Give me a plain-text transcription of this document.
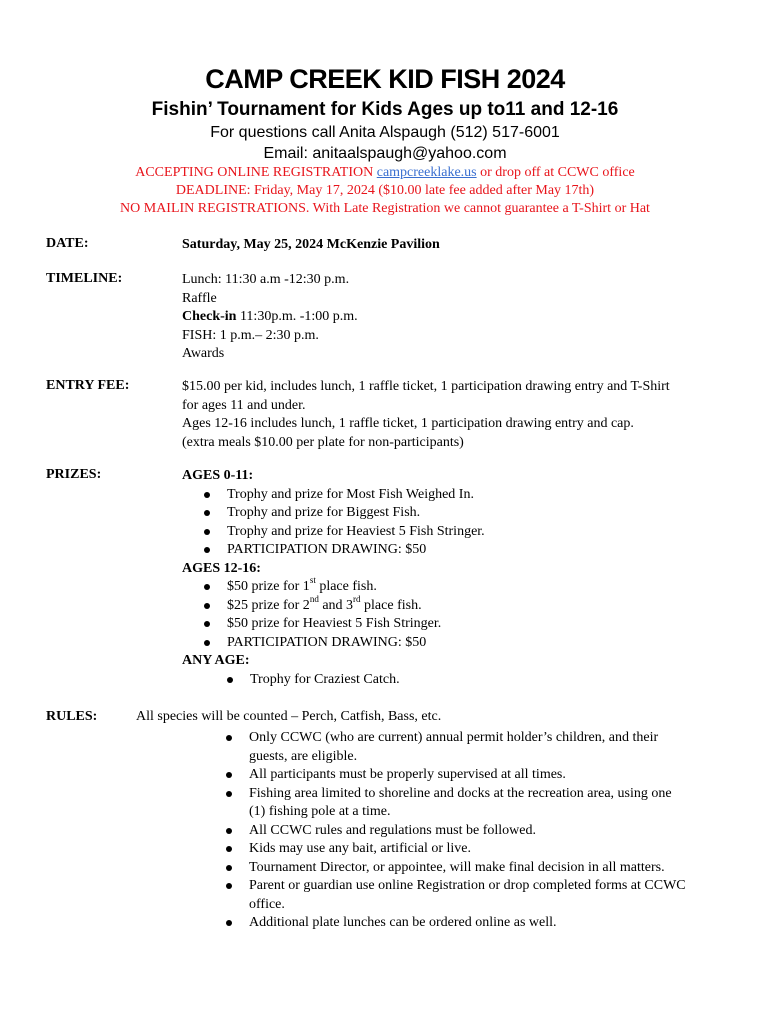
CAMP CREEK KID FISH 2024
Fishin’ Tournament for Kids Ages up to11 and 12-16

For questions call Anita Alspaugh (512) 517-6001

Email: anitaalspaugh@yahoo.com

ACCEPTING ONLINE REGISTRATION campcreeklake.us or drop off at CCWC office

DEADLINE: Friday, May 17, 2024 ($10.00 late fee added after May 17th)

NO MAILIN REGISTRATIONS. With Late Registration we cannot guarantee a T-Shirt or Hat

DATE:	Saturday, May 25, 2024 McKenzie Pavilion

TIMELINE:	Lunch: 11:30 a.m -12:30 p.m.

Raffle

Check-in 11:30p.m. -1:00 p.m.

FISH: 1 p.m.– 2:30 p.m.

Awards

ENTRY FEE:	$15.00 per kid, includes lunch, 1 raffle ticket, 1 participation drawing entry and T-Shirt

for ages 11 and under.

Ages 12-16 includes lunch, 1 raffle ticket, 1 participation drawing entry and cap.

(extra meals $10.00 per plate for non-participants)

PRIZES:	AGES 0-11:

Trophy and prize for Most Fish Weighed In.
Trophy and prize for Biggest Fish.
Trophy and prize for Heaviest 5 Fish Stringer.
PARTICIPATION DRAWING: $50

AGES 12-16:

$50 prize for 1st place fish.
$25 prize for 2nd and 3rd place fish.
$50 prize for Heaviest 5 Fish Stringer.
PARTICIPATION DRAWING: $50

ANY AGE:

Trophy for Craziest Catch.

RULES:	All species will be counted – Perch, Catfish, Bass, etc.

Only CCWC (who are current) annual permit holder’s children, and their
guests, are eligible.
All participants must be properly supervised at all times.
Fishing area limited to shoreline and docks at the recreation area, using one
(1) fishing pole at a time.
All CCWC rules and regulations must be followed.
Kids may use any bait, artificial or live.
Tournament Director, or appointee, will make final decision in all matters.
Parent or guardian use online Registration or drop completed forms at CCWC
office.
Additional plate lunches can be ordered online as well.
